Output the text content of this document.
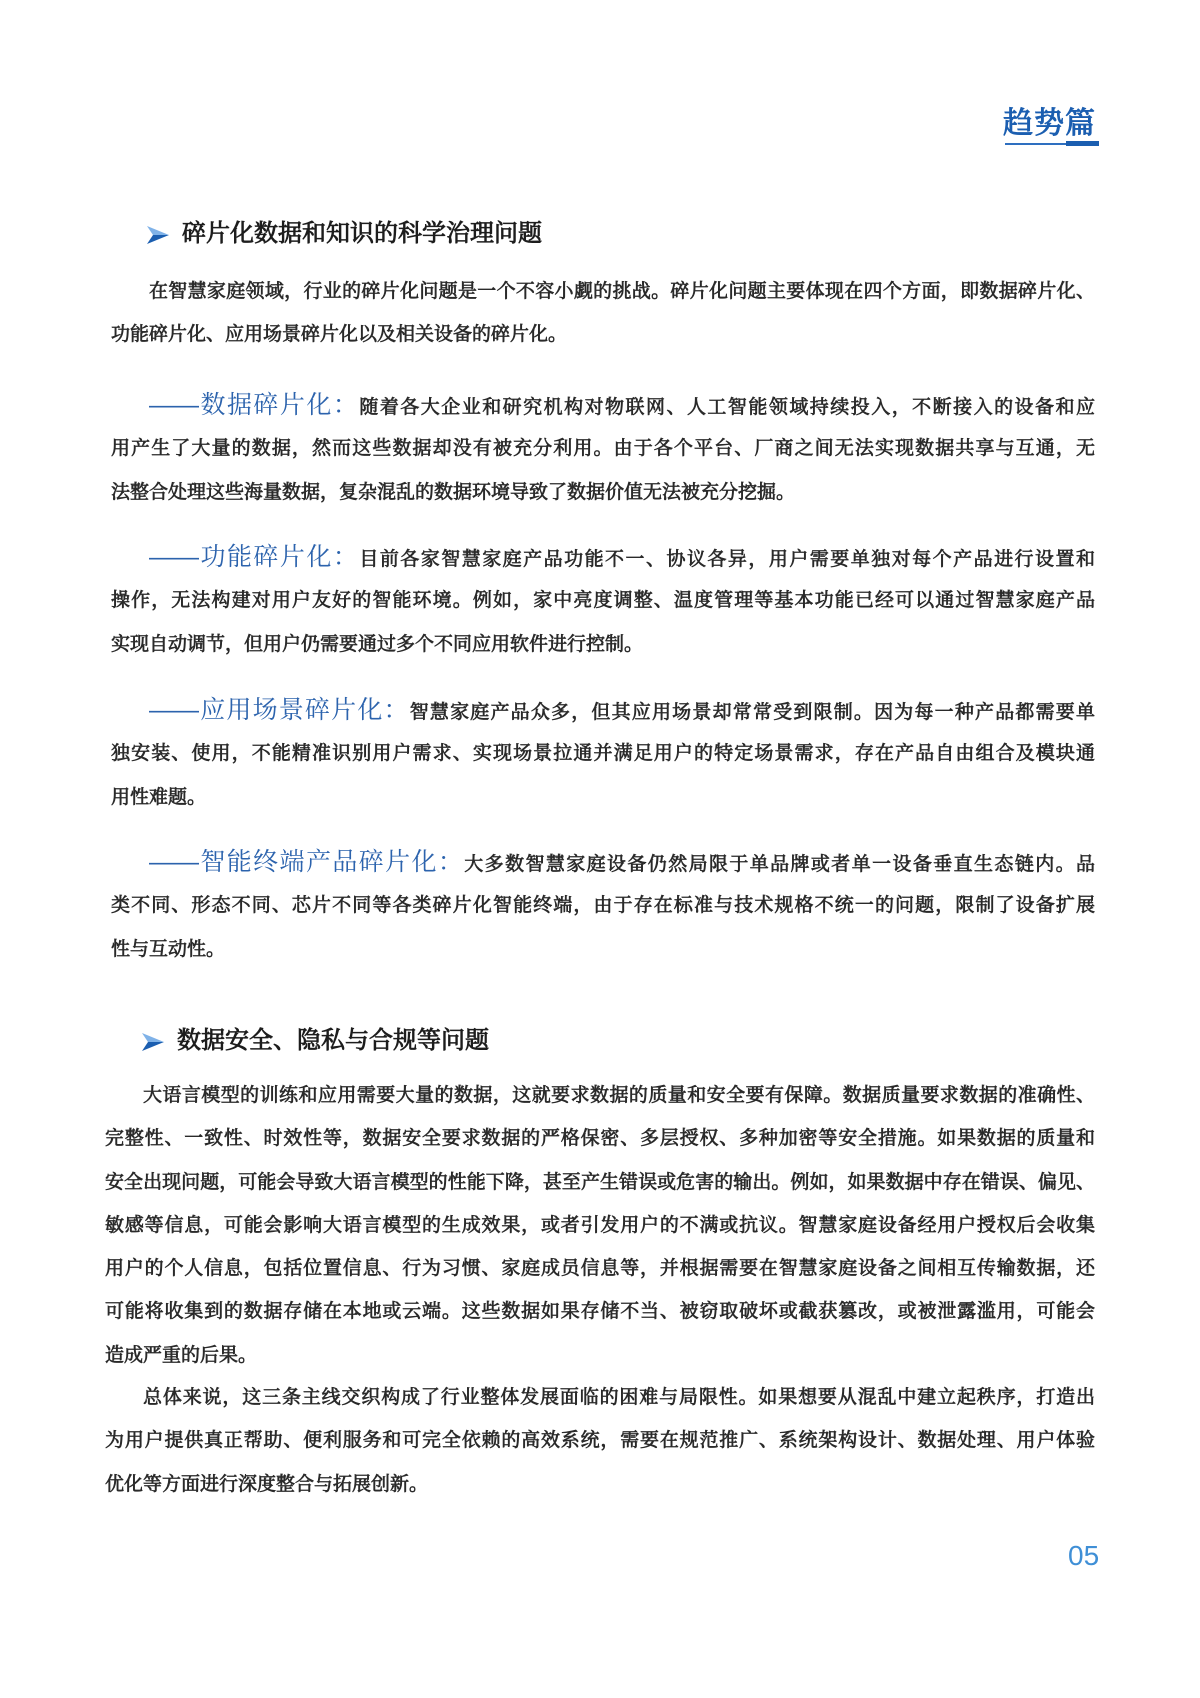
趋势篇
碎片化数据和知识的科学治理问题
在智慧家庭领域，行业的碎片化问题是一个不容小觑的挑战。碎片化问题主要体现在四个方面，即数据碎片化、
功能碎片化、应用场景碎片化以及相关设备的碎片化。
——数据碎片化：随着各大企业和研究机构对物联网、人工智能领域持续投入，不断接入的设备和应
用产生了大量的数据，然而这些数据却没有被充分利用。由于各个平台、厂商之间无法实现数据共享与互通，无
法整合处理这些海量数据，复杂混乱的数据环境导致了数据价值无法被充分挖掘。
——功能碎片化：目前各家智慧家庭产品功能不一、协议各异，用户需要单独对每个产品进行设置和
操作，无法构建对用户友好的智能环境。例如，家中亮度调整、温度管理等基本功能已经可以通过智慧家庭产品
实现自动调节，但用户仍需要通过多个不同应用软件进行控制。
——应用场景碎片化：智慧家庭产品众多，但其应用场景却常常受到限制。因为每一种产品都需要单
独安装、使用，不能精准识别用户需求、实现场景拉通并满足用户的特定场景需求，存在产品自由组合及模块通
用性难题。
——智能终端产品碎片化：大多数智慧家庭设备仍然局限于单品牌或者单一设备垂直生态链内。品
类不同、形态不同、芯片不同等各类碎片化智能终端，由于存在标准与技术规格不统一的问题，限制了设备扩展
性与互动性。
数据安全、隐私与合规等问题
大语言模型的训练和应用需要大量的数据，这就要求数据的质量和安全要有保障。数据质量要求数据的准确性、
完整性、一致性、时效性等，数据安全要求数据的严格保密、多层授权、多种加密等安全措施。如果数据的质量和
安全出现问题，可能会导致大语言模型的性能下降，甚至产生错误或危害的输出。例如，如果数据中存在错误、偏见、
敏感等信息，可能会影响大语言模型的生成效果，或者引发用户的不满或抗议。智慧家庭设备经用户授权后会收集
用户的个人信息，包括位置信息、行为习惯、家庭成员信息等，并根据需要在智慧家庭设备之间相互传输数据，还
可能将收集到的数据存储在本地或云端。这些数据如果存储不当、被窃取破坏或截获篡改，或被泄露滥用，可能会
造成严重的后果。
总体来说，这三条主线交织构成了行业整体发展面临的困难与局限性。如果想要从混乱中建立起秩序，打造出
为用户提供真正帮助、便利服务和可完全依赖的高效系统，需要在规范推广、系统架构设计、数据处理、用户体验
优化等方面进行深度整合与拓展创新。
05
